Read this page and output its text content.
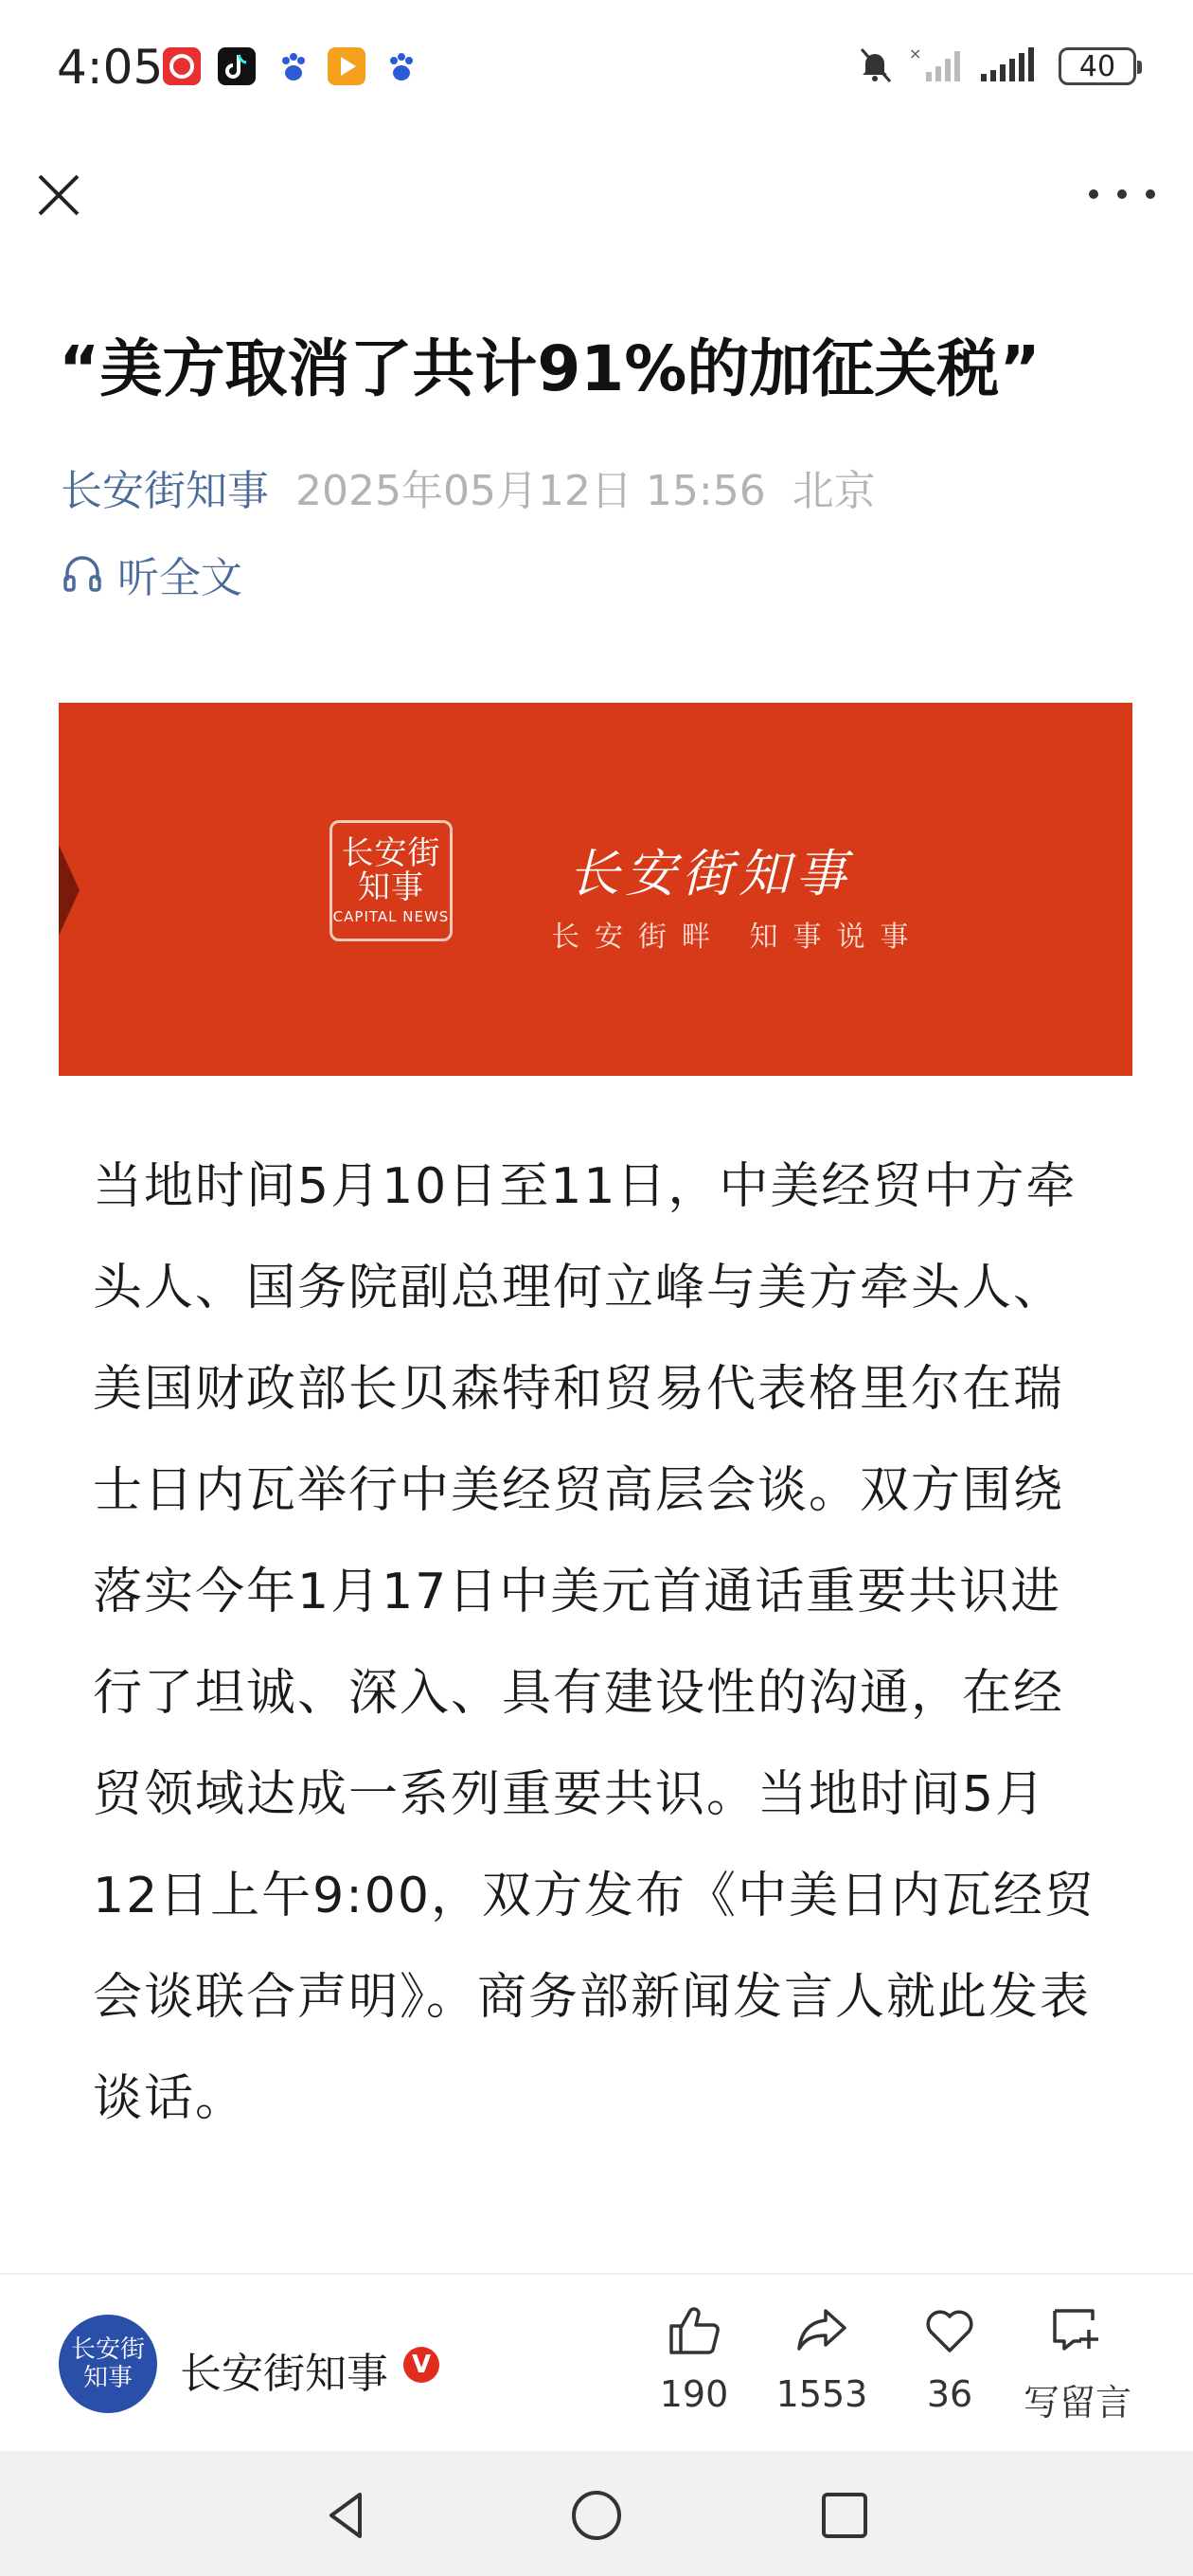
4:05	×	40
“美方取消了共计91%的加征关税”
长安街知事 2025年05月12日 15:56 北京
听全文
长安街
知事
CAPITAL NEWS
长安街知事
长安街畔 知事说事
当地时间5月10日至11日，中美经贸中方牵头人、国务院副总理何立峰与美方牵头人、美国财政部长贝森特和贸易代表格里尔在瑞士日内瓦举行中美经贸高层会谈。双方围绕落实今年1月17日中美元首通话重要共识进行了坦诚、深入、具有建设性的沟通，在经贸领域达成一系列重要共识。当地时间5月12日上午9:00，双方发布《中美日内瓦经贸会谈联合声明》。商务部新闻发言人就此发表谈话。
长安街
知事 长安街知事 V
190 1553 36 写留言
